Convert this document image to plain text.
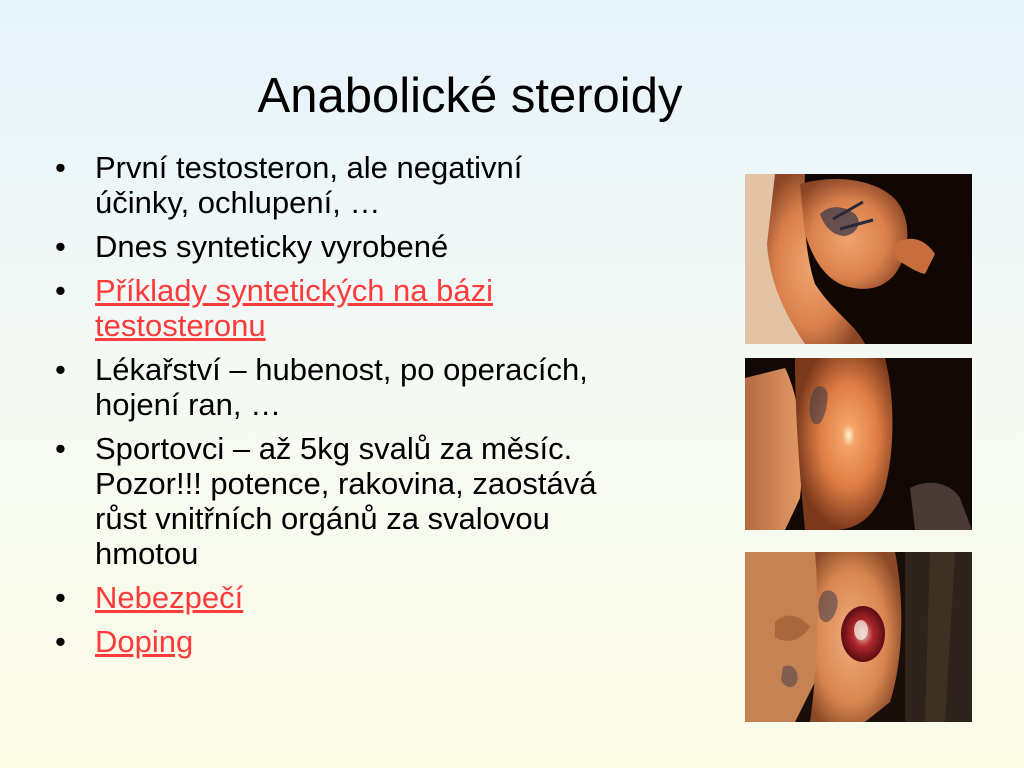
Anabolické steroidy
• První testosteron, ale negativní
účinky, ochlupení, …
• Dnes synteticky vyrobené
• Příklady syntetických na bázi
testosteronu
• Lékařství – hubenost, po operacích,
hojení ran, …
• Sportovci – až 5kg svalů za měsíc.
Pozor!!! potence, rakovina, zaostává
růst vnitřních orgánů za svalovou
hmotou
• Nebezpečí
• Doping
